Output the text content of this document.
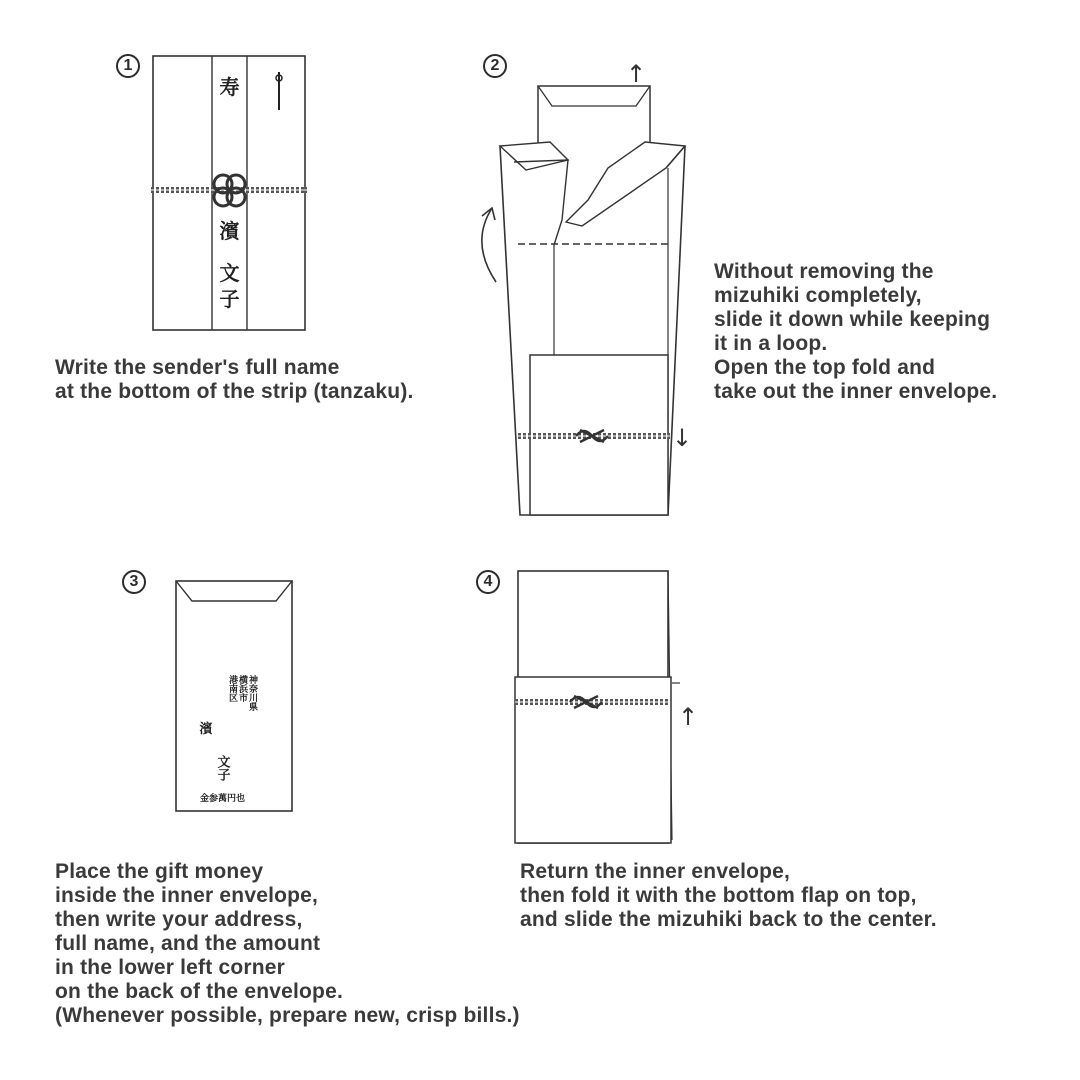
1
寿
濱
文
子

Write the sender's full name
at the bottom of the strip (tanzaku).

2	↑
↓

Without removing the
mizuhiki completely,
slide it down while keeping
it in a loop.
Open the top fold and
take out the inner envelope.

3
神奈川県
横浜市
港南区
金参萬円也
濱
文子

Place the gift money
inside the inner envelope,
then write your address,
full name, and the amount
in the lower left corner
on the back of the envelope.
(Whenever possible, prepare new, crisp bills.)

4
↑

Return the inner envelope,
then fold it with the bottom flap on top,
and slide the mizuhiki back to the center.
